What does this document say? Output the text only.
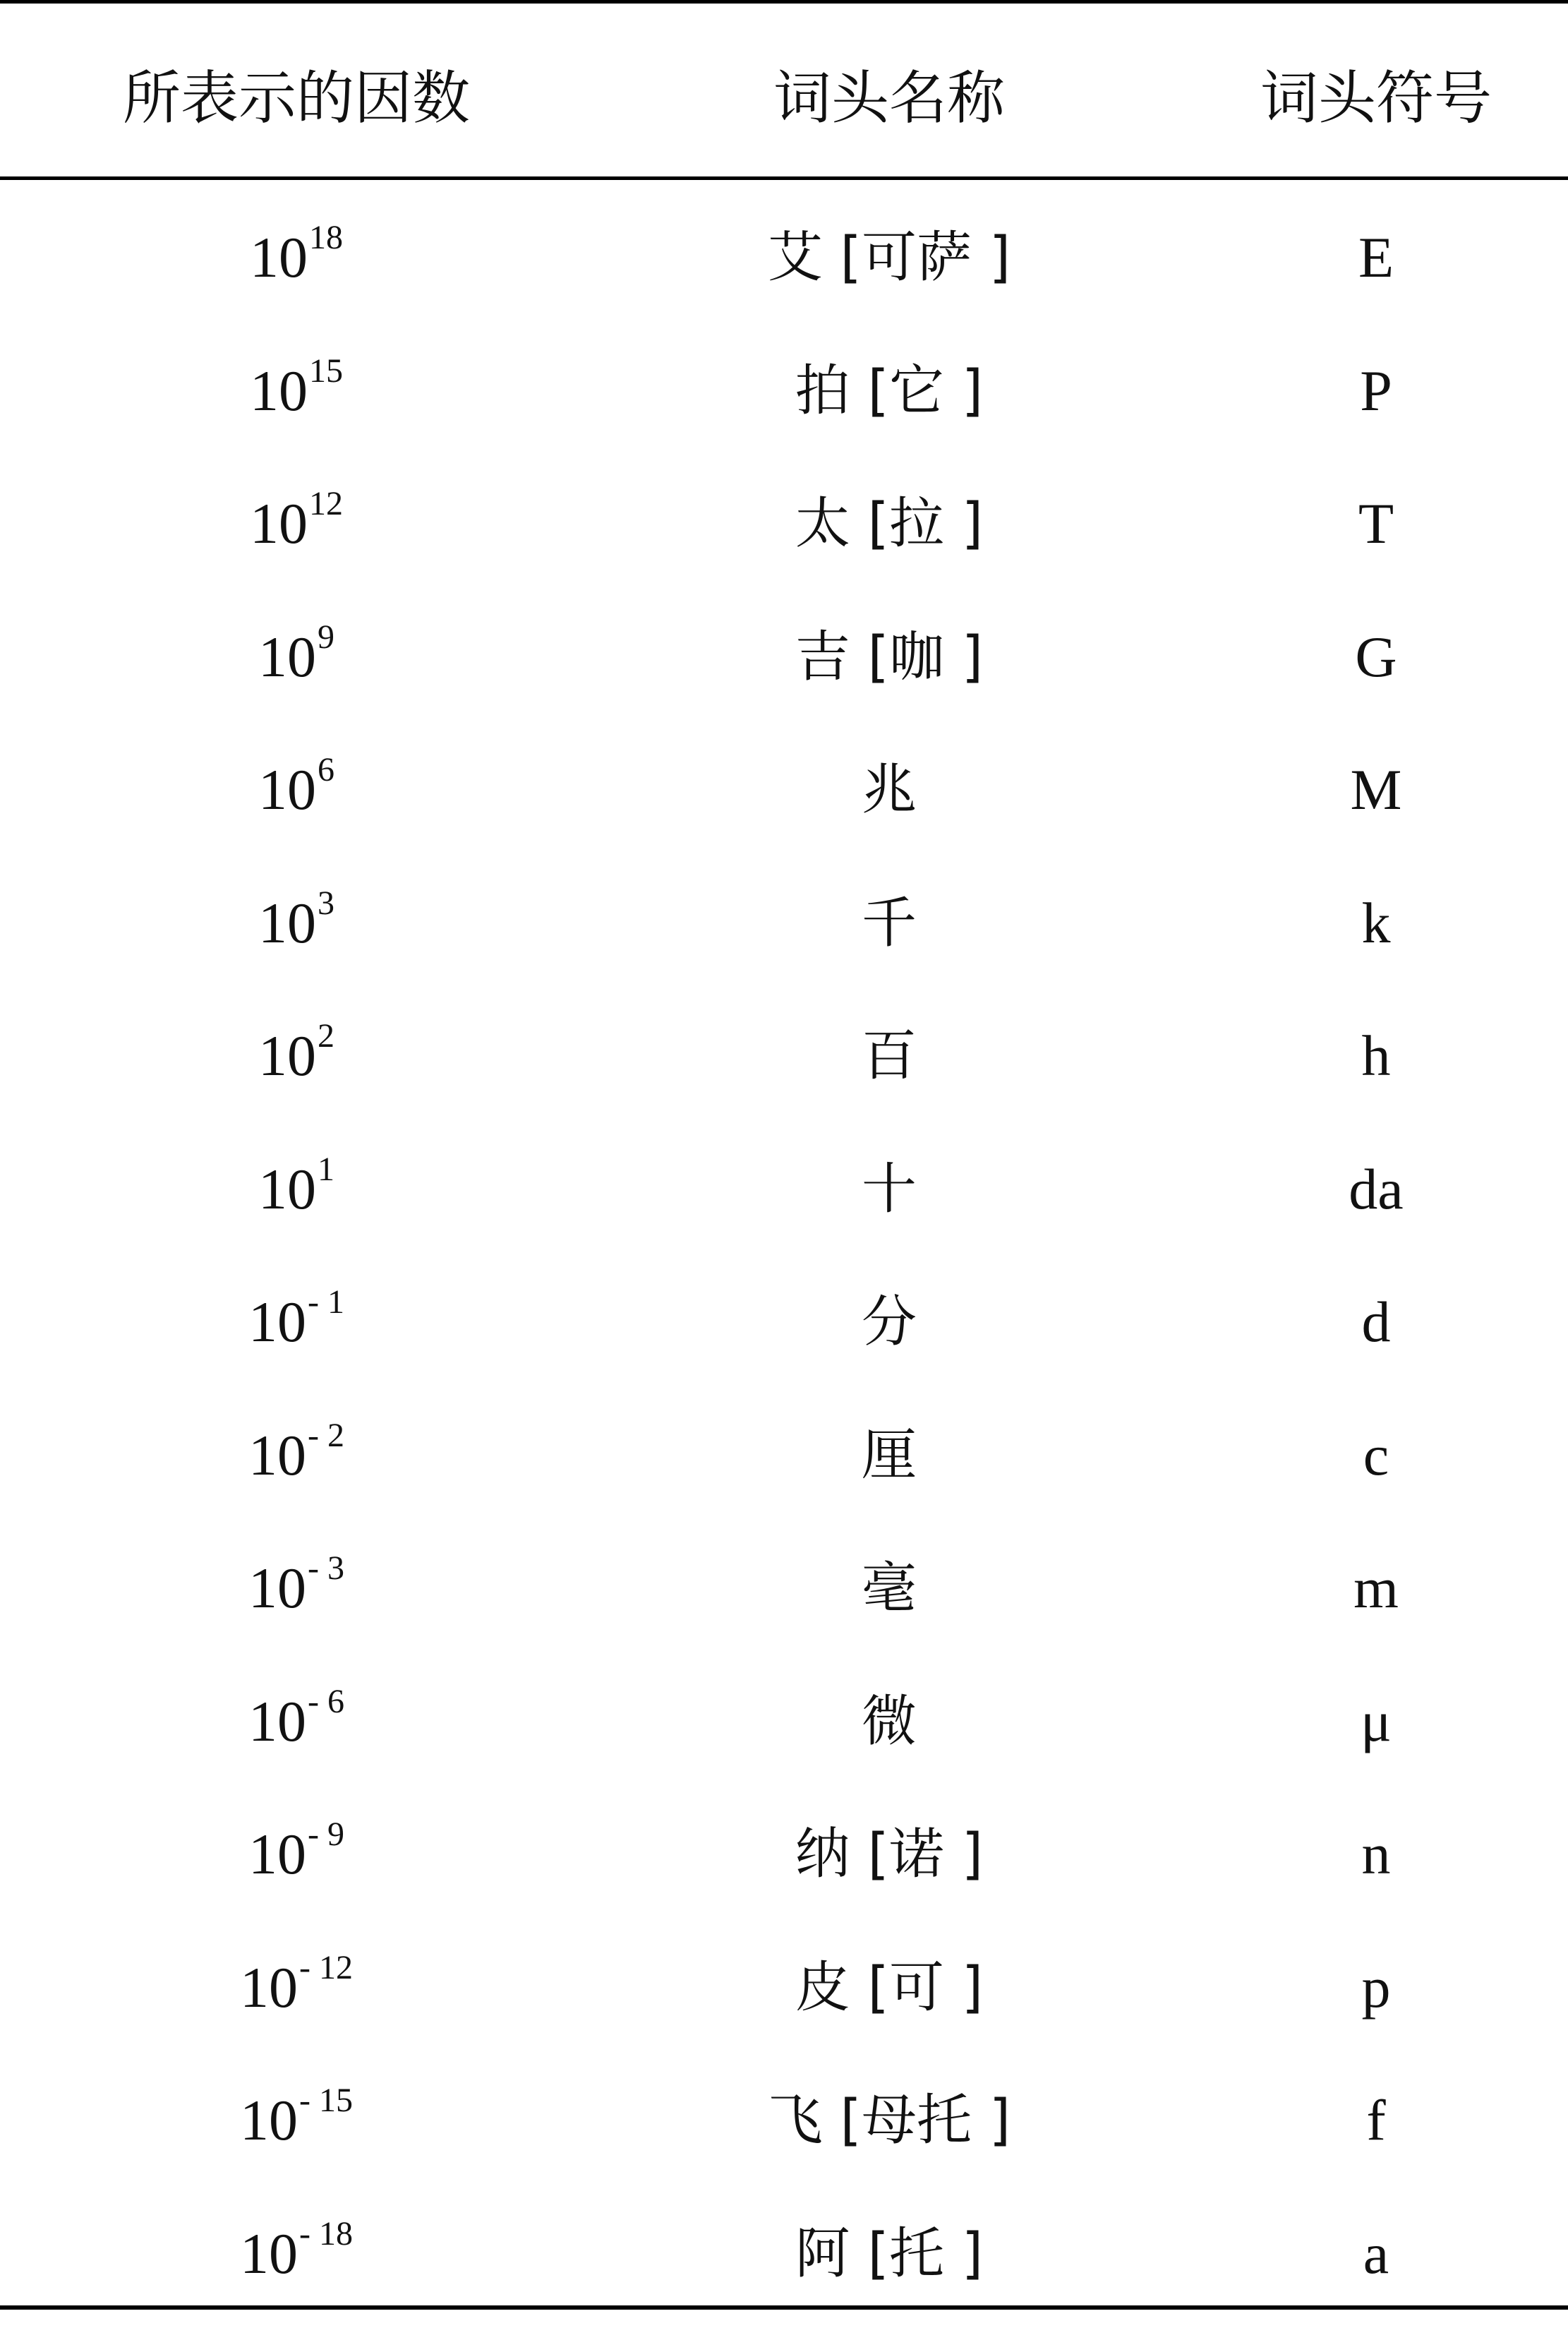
所表示的因数	词头名称	词头符号
$10^{18}$	艾 [可萨 ]	E
$10^{15}$	拍 [它 ]	P
$10^{12}$	太 [拉 ]	T
$10^9$	吉 [咖 ]	G
$10^6$	兆	M
$10^3$	千	k
$10^2$	百	h
$10^1$	十	da
$10^{- 1}$	分	d
$10^{- 2}$	厘	c
$10^{- 3}$	毫	m
$10^{- 6}$	微	μ
$10^{- 9}$	纳 [诺 ]	n
$10^{- 12}$	皮 [可 ]	p
$10^{- 15}$	飞 [母托 ]	f
$10^{- 18}$	阿 [托 ]	a
